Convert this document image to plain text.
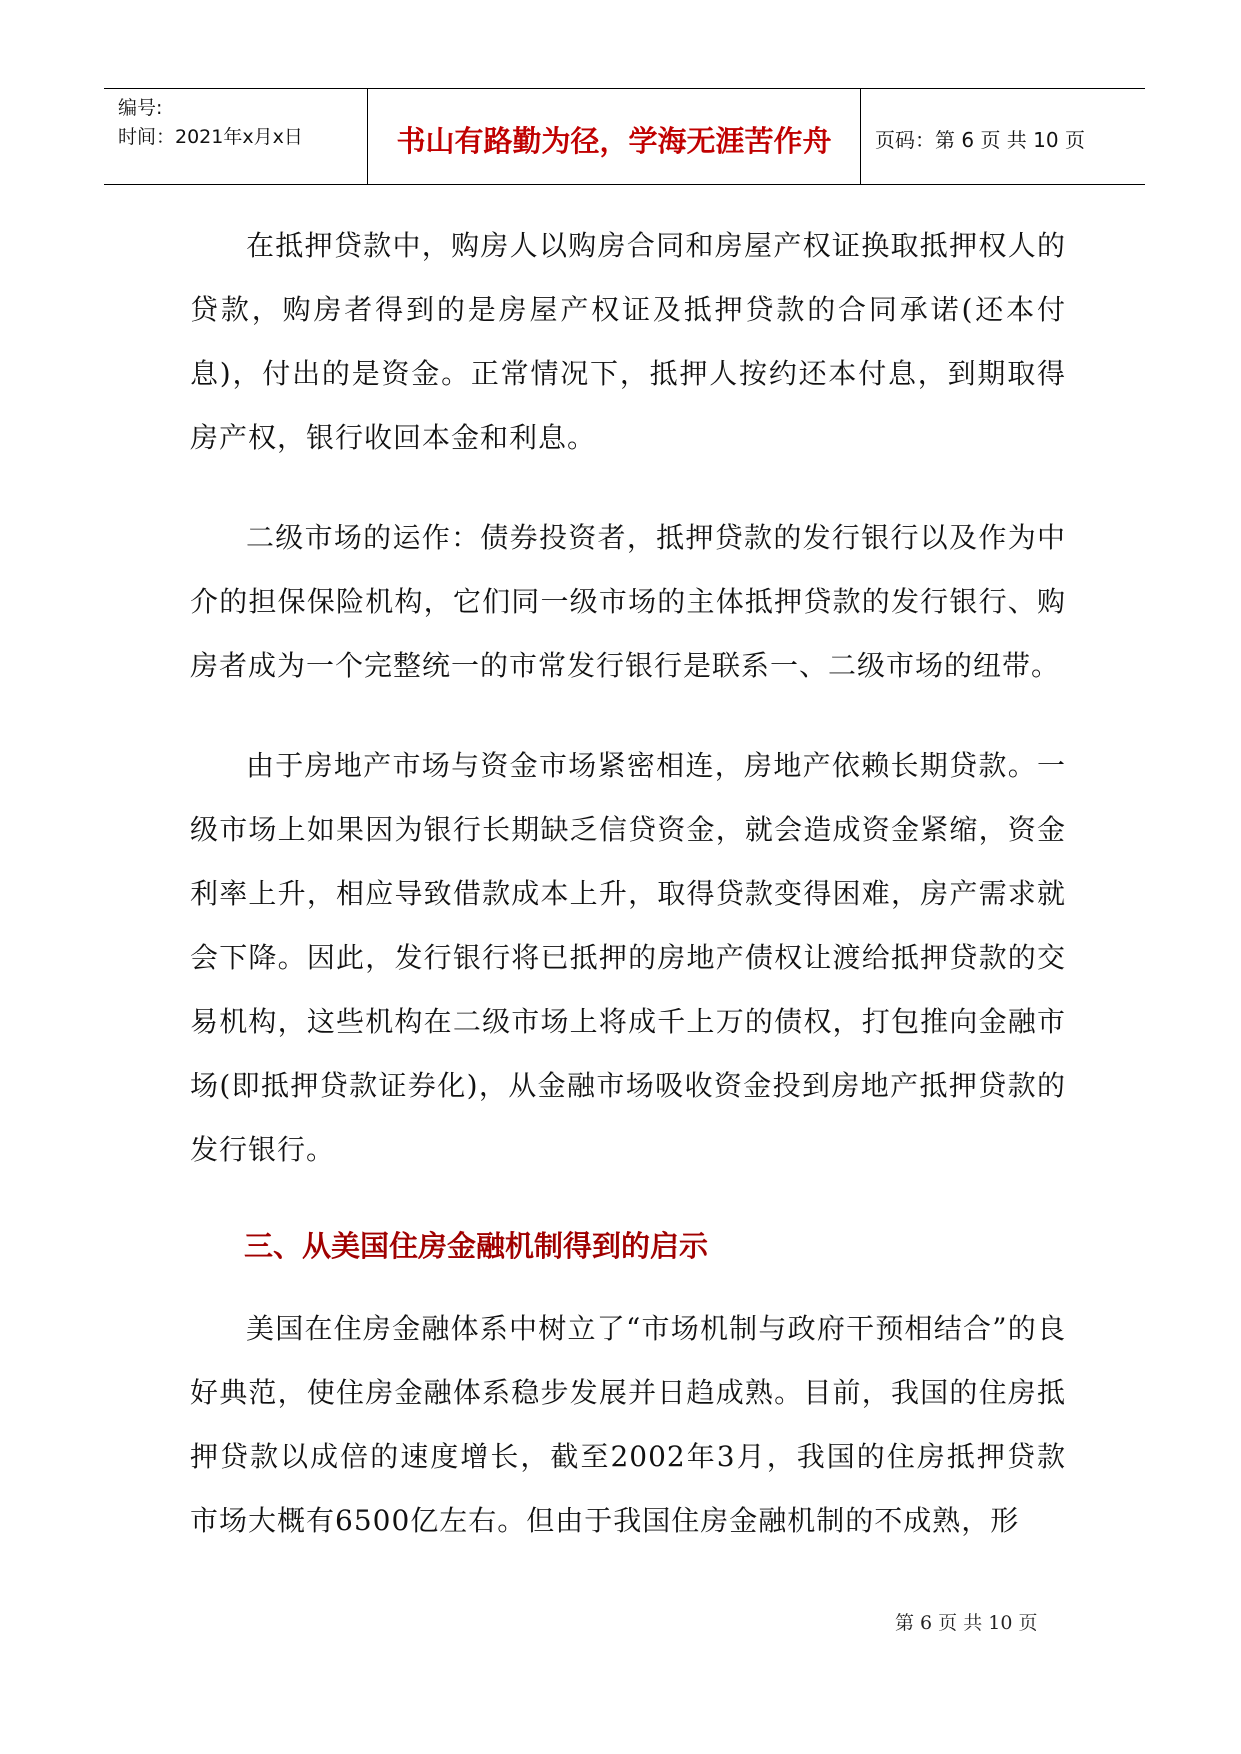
编号:
时间：2021年x月x日	书山有路勤为径，学海无涯苦作舟	页码：第 6 页 共 10 页

在抵押贷款中，购房人以购房合同和房屋产权证换取抵押权人的贷款，购房者得到的是房屋产权证及抵押贷款的合同承诺(还本付息)，付出的是资金。正常情况下，抵押人按约还本付息，到期取得房产权，银行收回本金和利息。

二级市场的运作：债券投资者，抵押贷款的发行银行以及作为中介的担保保险机构，它们同一级市场的主体抵押贷款的发行银行、购房者成为一个完整统一的市常发行银行是联系一、二级市场的纽带。

由于房地产市场与资金市场紧密相连，房地产依赖长期贷款。一级市场上如果因为银行长期缺乏信贷资金，就会造成资金紧缩，资金利率上升，相应导致借款成本上升，取得贷款变得困难，房产需求就会下降。因此，发行银行将已抵押的房地产债权让渡给抵押贷款的交易机构，这些机构在二级市场上将成千上万的债权，打包推向金融市场(即抵押贷款证券化)，从金融市场吸收资金投到房地产抵押贷款的发行银行。

三、从美国住房金融机制得到的启示

美国在住房金融体系中树立了“市场机制与政府干预相结合”的良好典范，使住房金融体系稳步发展并日趋成熟。目前，我国的住房抵押贷款以成倍的速度增长，截至2002年3月，我国的住房抵押贷款市场大概有6500亿左右。但由于我国住房金融机制的不成熟，形

第 6 页 共 10 页
